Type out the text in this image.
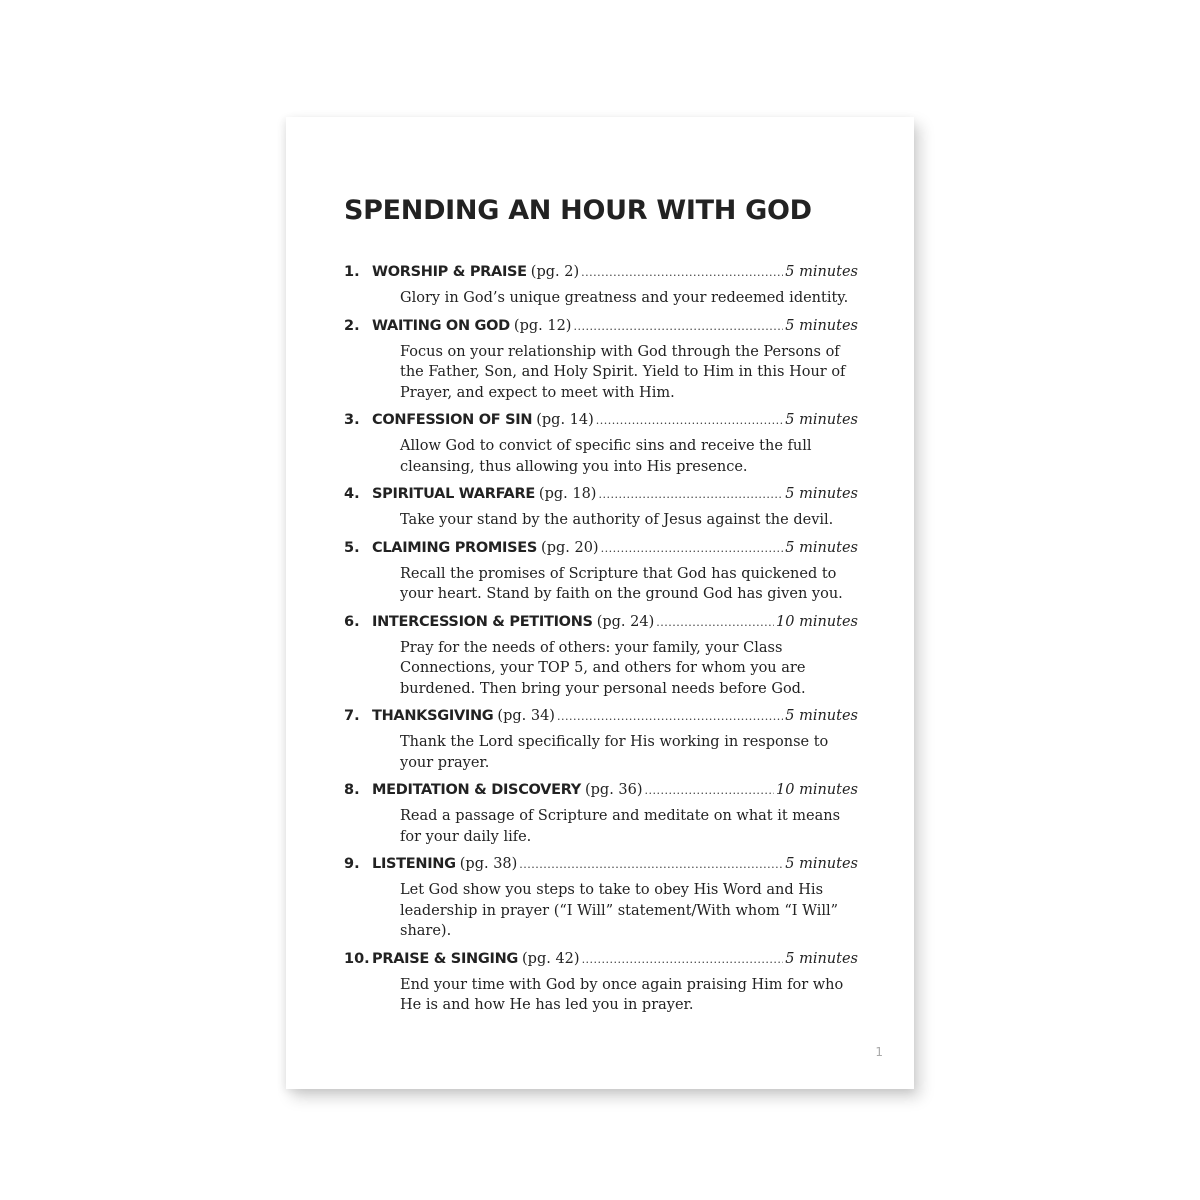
SPENDING AN HOUR WITH GOD
1. WORSHIP & PRAISE (pg. 2) .....	5 minutes
Glory in God’s unique greatness and your redeemed identity.
2. WAITING ON GOD (pg. 12) .....	5 minutes
Focus on your relationship with God through the Persons of the Father, Son, and Holy Spirit. Yield to Him in this Hour of Prayer, and expect to meet with Him.
3. CONFESSION OF SIN (pg. 14) .....	5 minutes
Allow God to convict of specific sins and receive the full cleansing, thus allowing you into His presence.
4. SPIRITUAL WARFARE (pg. 18) .....	5 minutes
Take your stand by the authority of Jesus against the devil.
5. CLAIMING PROMISES (pg. 20) .....	5 minutes
Recall the promises of Scripture that God has quickened to your heart. Stand by faith on the ground God has given you.
6. INTERCESSION & PETITIONS (pg. 24) .....	10 minutes
Pray for the needs of others: your family, your Class Connections, your TOP 5, and others for whom you are burdened. Then bring your personal needs before God.
7. THANKSGIVING (pg. 34) .....	5 minutes
Thank the Lord specifically for His working in response to your prayer.
8. MEDITATION & DISCOVERY (pg. 36) .....	10 minutes
Read a passage of Scripture and meditate on what it means for your daily life.
9. LISTENING (pg. 38) .....	5 minutes
Let God show you steps to take to obey His Word and His leadership in prayer (“I Will” statement/With whom “I Will” share).
10. PRAISE & SINGING (pg. 42) .....	5 minutes
End your time with God by once again praising Him for who He is and how He has led you in prayer.
1
